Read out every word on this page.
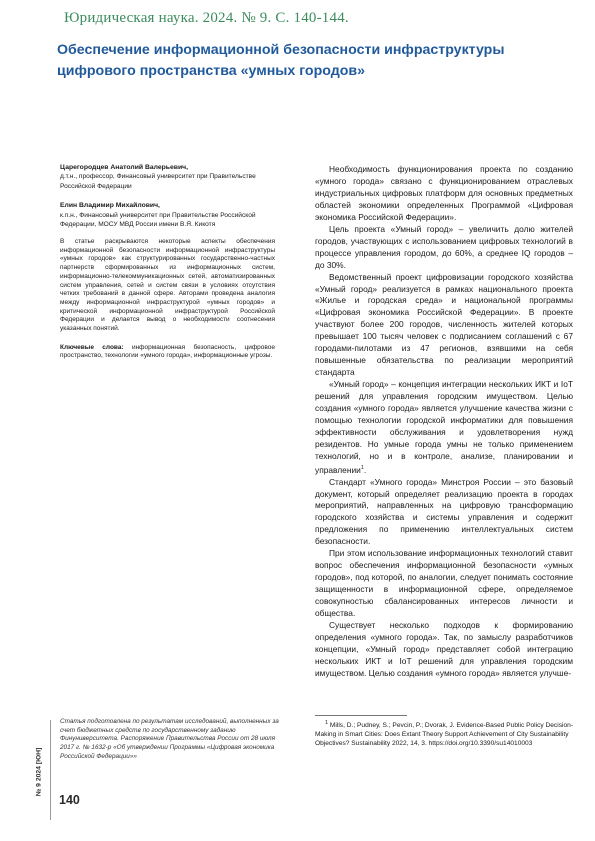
Юридическая наука. 2024. № 9. С. 140-144.
Обеспечение информационной безопасности инфраструктуры цифрового пространства «умных городов»
Царегородцев Анатолий Валерьевич,
д.т.н., профессор, Финансовый университет при Правительстве Российской Федерации
Елин Владимир Михайлович,
к.п.н., Финансовый университет при Правительстве Российской Федерации, МОСУ МВД России имени В.Я. Кикотя
В статье раскрываются некоторые аспекты обеспечения информационной безопасности информационной инфраструктуры «умных городов» как структурированных государственно-частных партнерств сформированных из информационных систем, информационно-телекоммуникационных сетей, автоматизированных систем управления, сетей и систем связи в условиях отсутствия четких требований в данной сфере. Авторами проведена аналогия между информационной инфраструктурой «умных городов» и критической информационной инфраструктурой Российской Федерации и делается вывод о необходимости соотнесения указанных понятий.
Ключевые слова: информационная безопасность, цифровое пространство, технологии «умного города», информационные угрозы.
№ 9 2024 [ЮН]
Статья подготовлена по результатам исследований, выполненных за счет бюджетных средств по государственному заданию Финуниверситета. Распоряжение Правительства России от 28 июля 2017 г. № 1632-р «Об утверждении Программы «Цифровая экономика Российской Федерации»»
140

Необходимость функционирования проекта по созданию «умного города» связано с функционированием отраслевых индустриальных цифровых платформ для основных предметных областей экономики определенных Программой «Цифровая экономика Российской Федерации».

Цель проекта «Умный город» – увеличить долю жителей городов, участвующих с использованием цифровых технологий в процессе управления городом, до 60%, а среднее IQ городов – до 30%.

Ведомственный проект цифровизации городского хозяйства «Умный город» реализуется в рамках национального проекта «Жилье и городская среда» и национальной программы «Цифровая экономика Российской Федерации». В проекте участвуют более 200 городов, численность жителей которых превышает 100 тысяч человек с подписанием соглашений с 67 городами-пилотами из 47 регионов, взявшими на себя повышенные обязательства по реализации мероприятий стандарта

«Умный город» – концепция интеграции нескольких ИКТ и IoT решений для управления городским имуществом. Целью создания «умного города» является улучшение качества жизни с помощью технологии городской информатики для повышения эффективности обслуживания и удовлетворения нужд резидентов. Но умные города умны не только применением технологий, но и в контроле, анализе, планировании и управлении$^1$.

Стандарт «Умного города» Минстроя России – это базовый документ, который определяет реализацию проекта в городах мероприятий, направленных на цифровую трансформацию городского хозяйства и системы управления и содержит предложения по применению интеллектуальных систем безопасности.

При этом использование информационных технологий ставит вопрос обеспечения информационной безопасности «умных городов», под которой, по аналогии, следует понимать состояние защищенности в информационной сфере, определяемое совокупностью сбалансированных интересов личности и общества.

Существует несколько подходов к формированию определения «умного города». Так, по замыслу разработчиков концепции, «Умный город» представляет собой интеграцию нескольких ИКТ и IoT решений для управления городским имуществом. Целью создания «умного города» является улучше-

$^1$ Mills, D.; Pudney, S.; Pevcin, P.; Dvorak, J. Evidence-Based Public Policy Decision-Making in Smart Cities: Does Extant Theory Support Achievement of City Sustainability Objectives? Sustainability 2022, 14, 3. https://doi.org/10.3390/su14010003
